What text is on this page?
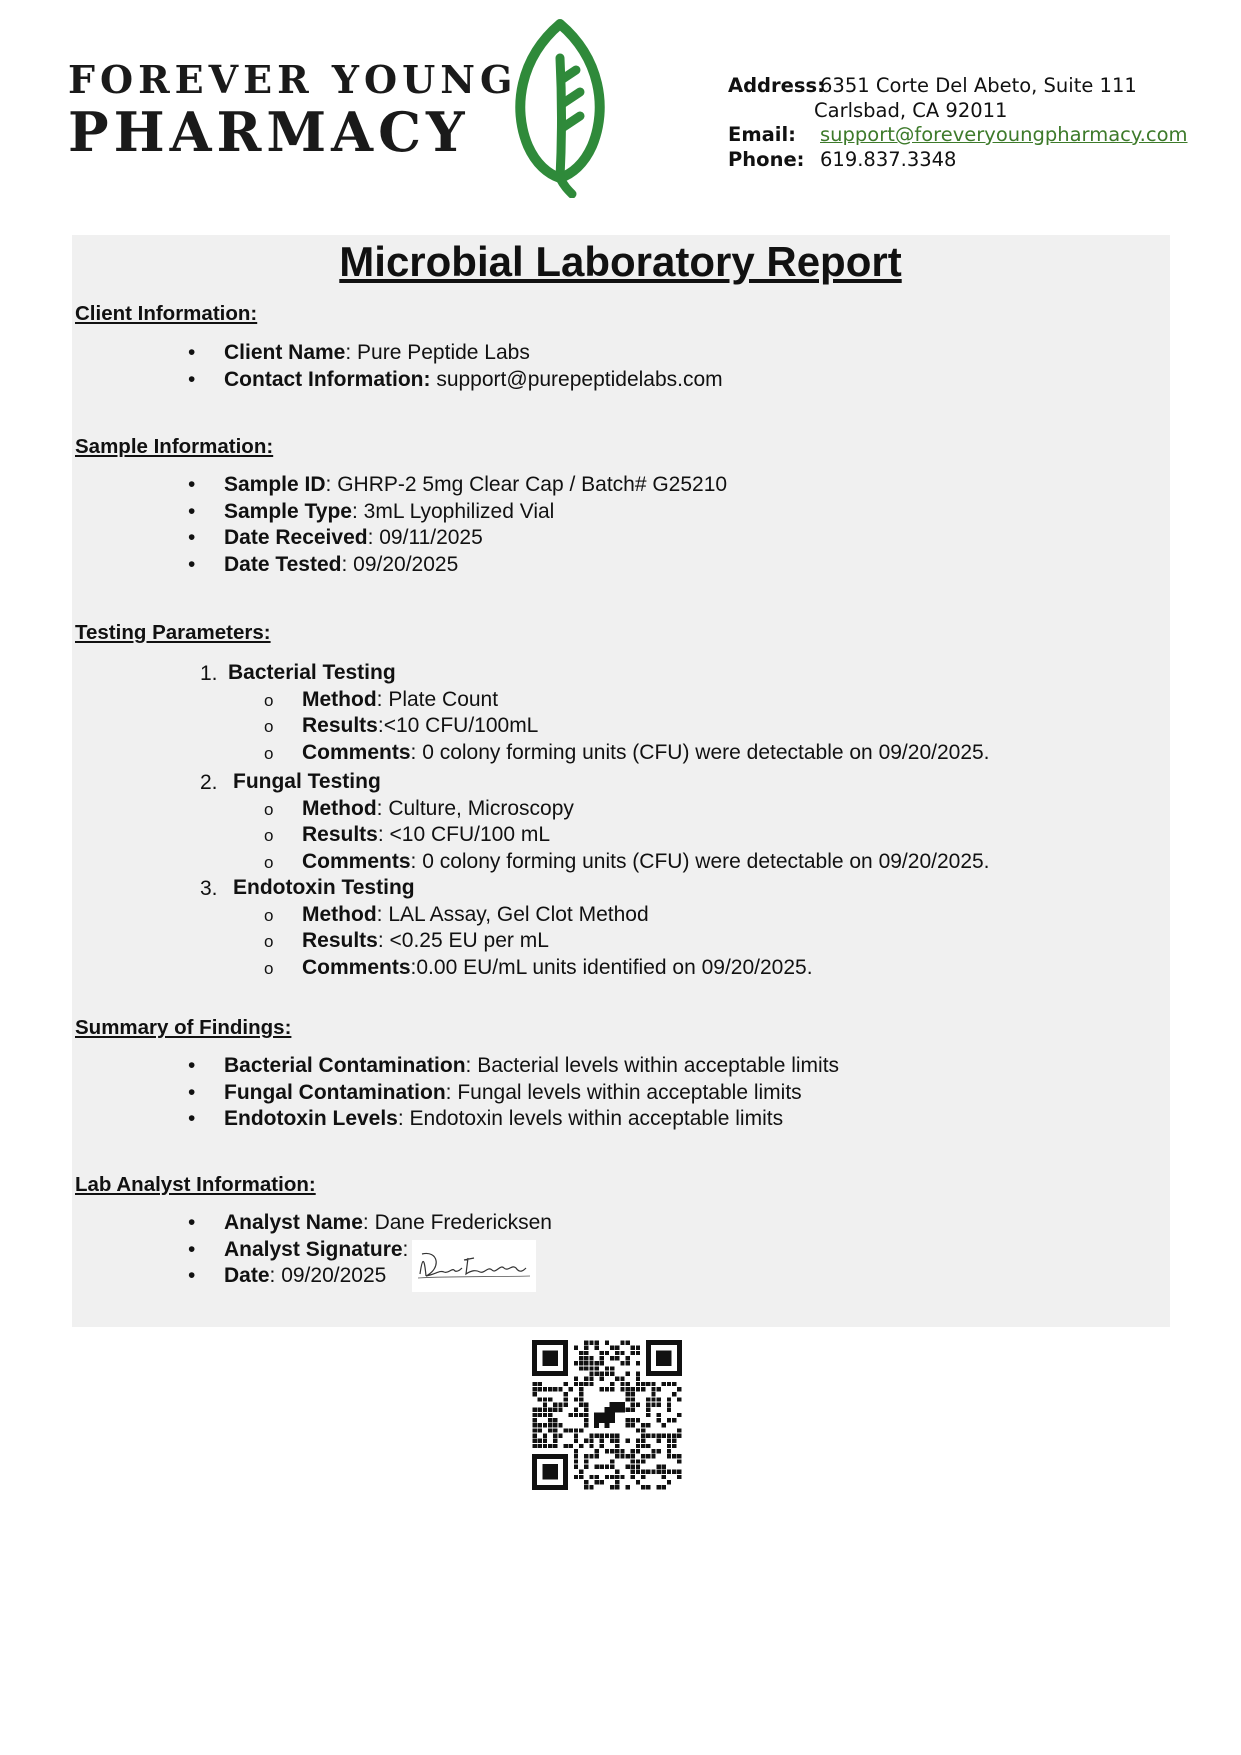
FOREVER YOUNG
PHARMACY
Address:
6351 Corte Del Abeto, Suite 111
Carlsbad, CA 92011
Email:	support@foreveryoungpharmacy.com
Phone: 619.837.3348
Microbial Laboratory Report
Client Information:
• Client Name: Pure Peptide Labs
• Contact Information: support@purepeptidelabs.com
Sample Information:
• Sample ID: GHRP-2 5mg Clear Cap / Batch# G25210
• Sample Type: 3mL Lyophilized Vial
• Date Received: 09/11/2025
• Date Tested: 09/20/2025
Testing Parameters:
1. Bacterial Testing
o Method: Plate Count
o Results:<10 CFU/100mL
o Comments: 0 colony forming units (CFU) were detectable on 09/20/2025.
2. Fungal Testing
o Method: Culture, Microscopy
o Results: <10 CFU/100 mL
o Comments: 0 colony forming units (CFU) were detectable on 09/20/2025.
3. Endotoxin Testing
o Method: LAL Assay, Gel Clot Method
o Results: <0.25 EU per mL
o Comments:0.00 EU/mL units identified on 09/20/2025.
Summary of Findings:
• Bacterial Contamination: Bacterial levels within acceptable limits
• Fungal Contamination: Fungal levels within acceptable limits
• Endotoxin Levels: Endotoxin levels within acceptable limits
Lab Analyst Information:
• Analyst Name: Dane Fredericksen
• Analyst Signature:
• Date: 09/20/2025
